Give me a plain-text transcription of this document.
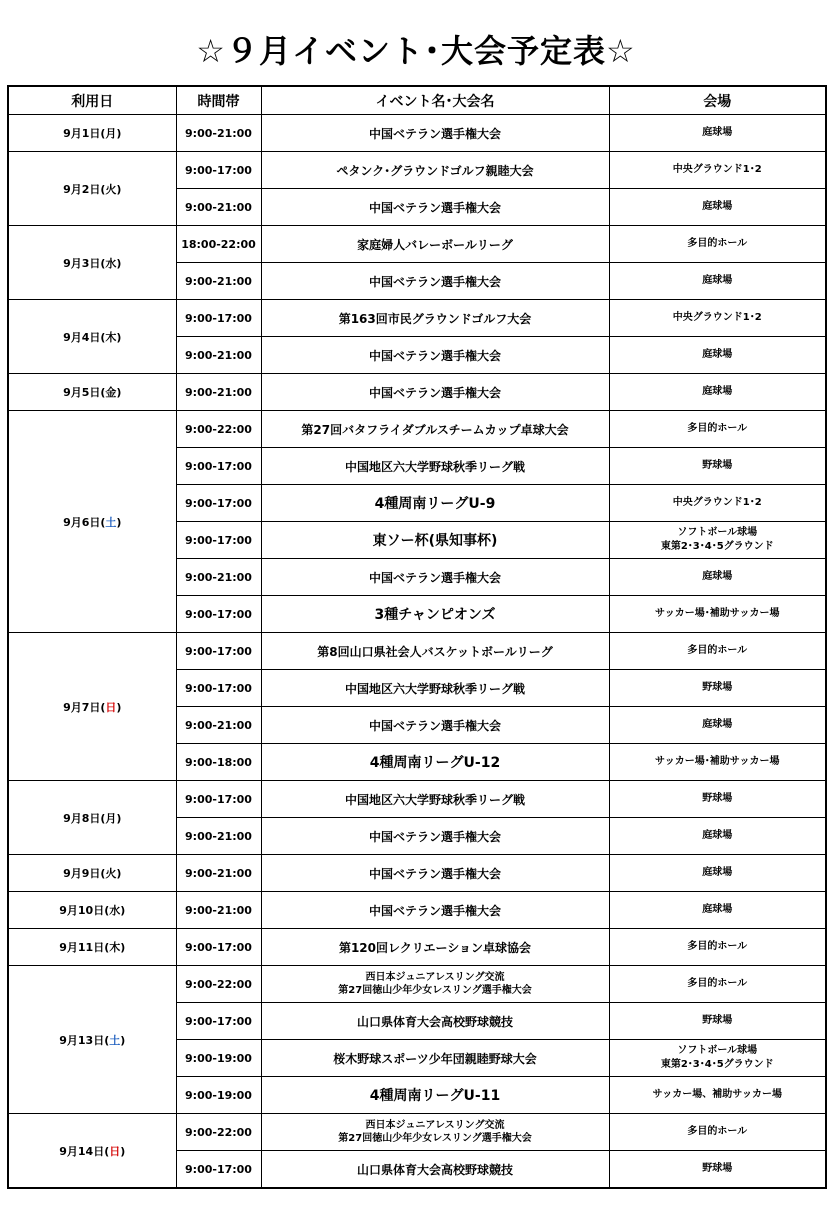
☆９月イベント･大会予定表☆
利用日	時間帯	イベント名･大会名	会場
9月1日(月)	9:00-21:00	中国ベテラン選手権大会	庭球場
9月2日(火)	9:00-17:00	ペタンク･グラウンドゴルフ親睦大会	中央グラウンド1･2
	9:00-21:00	中国ベテラン選手権大会	庭球場
9月3日(水)	18:00-22:00	家庭婦人バレーボールリーグ	多目的ホール
	9:00-21:00	中国ベテラン選手権大会	庭球場
9月4日(木)	9:00-17:00	第163回市民グラウンドゴルフ大会	中央グラウンド1･2
	9:00-21:00	中国ベテラン選手権大会	庭球場
9月5日(金)	9:00-21:00	中国ベテラン選手権大会	庭球場
9月6日(土)	9:00-22:00	第27回バタフライダブルスチームカップ卓球大会	多目的ホール
	9:00-17:00	中国地区六大学野球秋季リーグ戦	野球場
	9:00-17:00	4種周南リーグU-9	中央グラウンド1･2
	9:00-17:00	東ソー杯(県知事杯)	ソフトボール球場
東第2･3･4･5グラウンド
	9:00-21:00	中国ベテラン選手権大会	庭球場
	9:00-17:00	3種チャンピオンズ	サッカー場･補助サッカー場
9月7日(日)	9:00-17:00	第8回山口県社会人バスケットボールリーグ	多目的ホール
	9:00-17:00	中国地区六大学野球秋季リーグ戦	野球場
	9:00-21:00	中国ベテラン選手権大会	庭球場
	9:00-18:00	4種周南リーグU-12	サッカー場･補助サッカー場
9月8日(月)	9:00-17:00	中国地区六大学野球秋季リーグ戦	野球場
	9:00-21:00	中国ベテラン選手権大会	庭球場
9月9日(火)	9:00-21:00	中国ベテラン選手権大会	庭球場
9月10日(水)	9:00-21:00	中国ベテラン選手権大会	庭球場
9月11日(木)	9:00-17:00	第120回レクリエーション卓球協会	多目的ホール
9月13日(土)	9:00-22:00	西日本ジュニアレスリング交流
第27回徳山少年少女レスリング選手権大会	多目的ホール
	9:00-17:00	山口県体育大会高校野球競技	野球場
	9:00-19:00	桜木野球スポーツ少年団親睦野球大会	ソフトボール球場
東第2･3･4･5グラウンド
	9:00-19:00	4種周南リーグU-11	サッカー場、補助サッカー場
9月14日(日)	9:00-22:00	西日本ジュニアレスリング交流
第27回徳山少年少女レスリング選手権大会	多目的ホール
	9:00-17:00	山口県体育大会高校野球競技	野球場
